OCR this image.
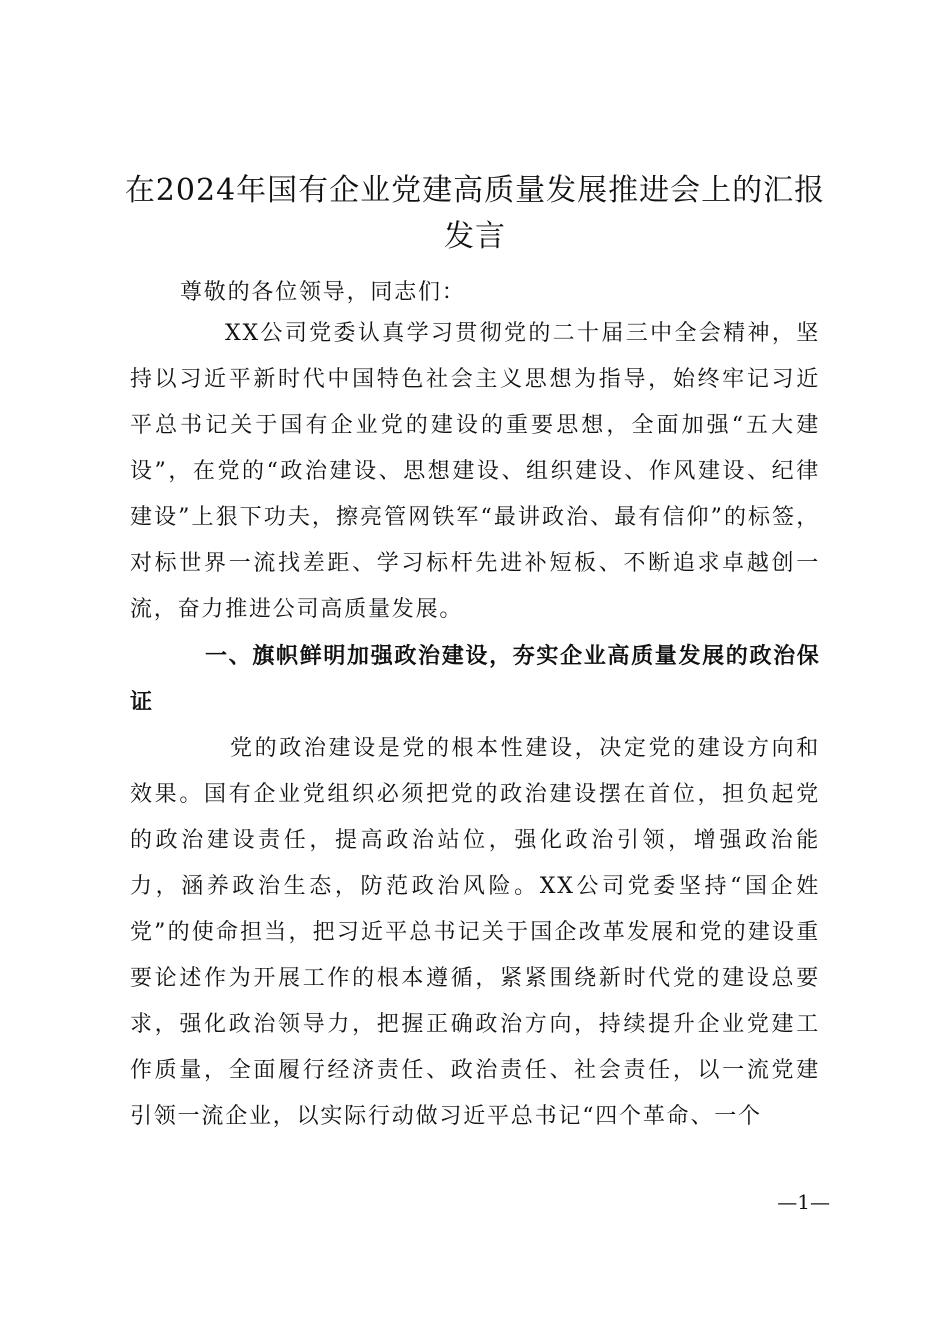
在2024年国有企业党建高质量发展推进会上的汇报发言

尊敬的各位领导，同志们：

XX公司党委认真学习贯彻党的二十届三中全会精神，坚持以习近平新时代中国特色社会主义思想为指导，始终牢记习近平总书记关于国有企业党的建设的重要思想，全面加强“五大建设”，在党的“政治建设、思想建设、组织建设、作风建设、纪律建设”上狠下功夫，擦亮管网铁军“最讲政治、最有信仰”的标签，对标世界一流找差距、学习标杆先进补短板、不断追求卓越创一流，奋力推进公司高质量发展。

一、旗帜鲜明加强政治建设，夯实企业高质量发展的政治保证

党的政治建设是党的根本性建设，决定党的建设方向和效果。国有企业党组织必须把党的政治建设摆在首位，担负起党的政治建设责任，提高政治站位，强化政治引领，增强政治能力，涵养政治生态，防范政治风险。XX公司党委坚持“国企姓党”的使命担当，把习近平总书记关于国企改革发展和党的建设重要论述作为开展工作的根本遵循，紧紧围绕新时代党的建设总要求，强化政治领导力，把握正确政治方向，持续提升企业党建工作质量，全面履行经济责任、政治责任、社会责任，以一流党建引领一流企业，以实际行动做习近平总书记“四个革命、一个

—1—
